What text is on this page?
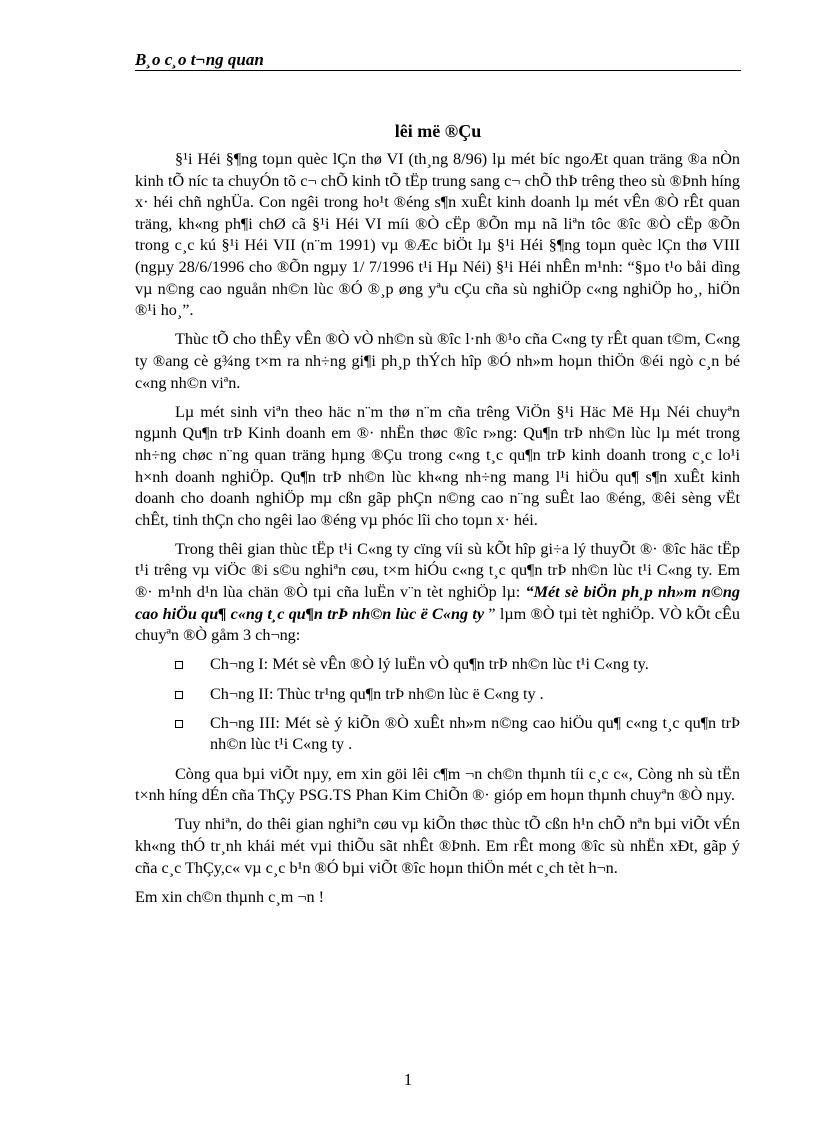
B¸o c¸o t¬ng quan
lêi më ®Çu

§¹i Héi §¶ng toµn quèc lÇn thø VI (th¸ng 8/96) lµ mét bíc ngoÆt quan träng ®a nÒn kinh tÕ níc ta chuyÓn tõ c¬ chÕ kinh tÕ tËp trung sang c¬ chÕ thÞ trêng theo sù ®Þnh híng x· héi chñ nghÜa. Con ngêi trong ho¹t ®éng s¶n xuÊt kinh doanh lµ mét vÊn ®Ò rÊt quan träng, kh«ng ph¶i chØ cã §¹i Héi VI míi ®Ò cËp ®Õn mµ nã liªn tôc ®îc ®Ò cËp ®Õn trong c¸c kú §¹i Héi VII (n¨m 1991) vµ ®Æc biÖt lµ §¹i Héi §¶ng toµn quèc lÇn thø VIII (ngµy 28/6/1996 cho ®Õn ngµy 1/ 7/1996 t¹i Hµ Néi) §¹i Héi nhÊn m¹nh: “§µo t¹o båi dìng vµ n©ng cao nguån nh©n lùc ®Ó ®¸p øng yªu cÇu cña sù nghiÖp c«ng nghiÖp ho¸, hiÖn ®¹i ho¸”.

Thùc tÕ cho thÊy vÊn ®Ò vÒ nh©n sù ®îc l·nh ®¹o cña C«ng ty rÊt quan t©m, C«ng ty ®ang cè g¾ng t×m ra nh÷ng gi¶i ph¸p thÝch hîp ®Ó nh»m hoµn thiÖn ®éi ngò c¸n bé c«ng nh©n viªn.

Lµ mét sinh viªn theo häc n¨m thø n¨m cña trêng ViÖn §¹i Häc Më Hµ Néi chuyªn ngµnh Qu¶n trÞ Kinh doanh em ®· nhËn thøc ®îc r»ng: Qu¶n trÞ nh©n lùc lµ mét trong nh÷ng chøc n¨ng quan träng hµng ®Çu trong c«ng t¸c qu¶n trÞ kinh doanh trong c¸c lo¹i h×nh doanh nghiÖp. Qu¶n trÞ nh©n lùc kh«ng nh÷ng mang l¹i hiÖu qu¶ s¶n xuÊt kinh doanh cho doanh nghiÖp mµ cßn gãp phÇn n©ng cao n¨ng suÊt lao ®éng, ®êi sèng vËt chÊt, tinh thÇn cho ngêi lao ®éng vµ phóc lîi cho toµn x· héi.

Trong thêi gian thùc tËp t¹i C«ng ty cïng víi sù kÕt hîp gi÷a lý thuyÕt ®· ®îc häc tËp t¹i trêng vµ viÖc ®i s©u nghiªn cøu, t×m hiÓu c«ng t¸c qu¶n trÞ nh©n lùc t¹i C«ng ty. Em ®· m¹nh d¹n lùa chän ®Ò tµi cña luËn v¨n tèt nghiÖp lµ: “Mét sè biÖn ph¸p nh»m n©ng cao hiÖu qu¶ c«ng t¸c qu¶n trÞ nh©n lùc ë C«ng ty ” lµm ®Ò tµi tèt nghiÖp. VÒ kÕt cÊu chuyªn ®Ò gåm 3 ch¬ng:

Ch¬ng I: Mét sè vÊn ®Ò lý luËn vÒ qu¶n trÞ nh©n lùc t¹i C«ng ty.
Ch¬ng II: Thùc tr¹ng qu¶n trÞ nh©n lùc ë C«ng ty .
Ch¬ng III: Mét sè ý kiÕn ®Ò xuÊt nh»m n©ng cao hiÖu qu¶ c«ng t¸c qu¶n trÞ nh©n lùc t¹i C«ng ty .

Còng qua bµi viÕt nµy, em xin göi lêi c¶m ¬n ch©n thµnh tíi c¸c c«, Còng nh sù tËn t×nh híng dÉn cña ThÇy PSG.TS Phan Kim ChiÕn ®· gióp em hoµn thµnh chuyªn ®Ò nµy.

Tuy nhiªn, do thêi gian nghiªn cøu vµ kiÕn thøc thùc tÕ cßn h¹n chÕ nªn bµi viÕt vÉn kh«ng thÓ tr¸nh khái mét vµi thiÕu sãt nhÊt ®Þnh. Em rÊt mong ®îc sù nhËn xÐt, gãp ý cña c¸c ThÇy,c« vµ c¸c b¹n ®Ó bµi viÕt ®îc hoµn thiÖn mét c¸ch tèt h¬n.

Em xin ch©n thµnh c¸m ¬n !

1
